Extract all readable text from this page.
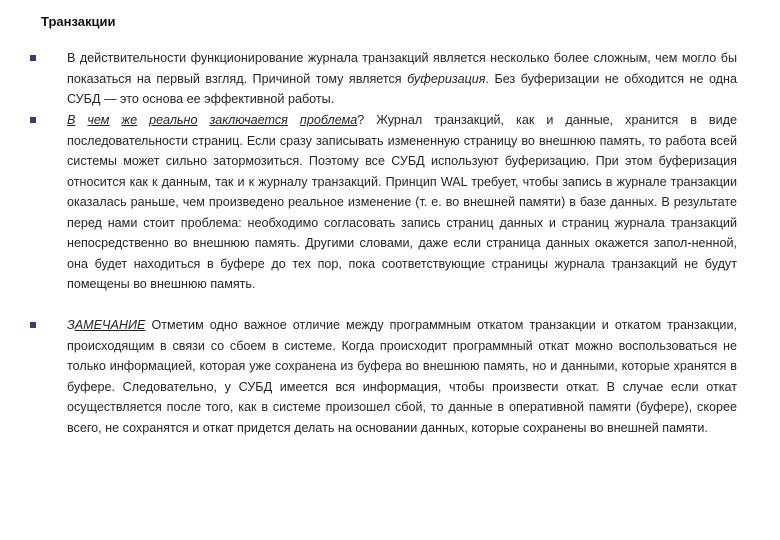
Транзакции
В действительности функционирование журнала транзакций является несколько более сложным, чем могло бы показаться на первый взгляд. Причиной тому является буферизация. Без буферизации не обходится не одна СУБД — это основа ее эффективной работы.
В чем же реально заключается проблема? Журнал транзакций, как и данные, хранится в виде последовательности страниц. Если сразу записывать измененную страницу во внешнюю память, то работа всей системы может сильно затормозиться. Поэтому все СУБД используют буферизацию. При этом буферизация относится как к данным, так и к журналу транзакций. Принцип WAL требует, чтобы запись в журнале транзакции оказалась раньше, чем произведено реальное изменение (т. е. во внешней памяти) в базе данных. В результате перед нами стоит проблема: необходимо согласовать запись страниц данных и страниц журнала транзакций непосредственно во внешнюю память. Другими словами, даже если страница данных окажется запол-ненной, она будет находиться в буфере до тех пор, пока соответствующие страницы журнала транзакций не будут помещены во внешнюю память.
ЗАМЕЧАНИЕ Отметим одно важное отличие между программным откатом транзакции и откатом транзакции, происходящим в связи со сбоем в системе. Когда происходит программный откат можно воспользоваться не только информацией, которая уже сохранена из буфера во внешнюю память, но и данными, которые хранятся в буфере. Следовательно, у СУБД имеется вся информация, чтобы произвести откат. В случае если откат осуществляется после того, как в системе произошел сбой, то данные в оперативной памяти (буфере), скорее всего, не сохранятся и откат придется делать на основании данных, которые сохранены во внешней памяти.
